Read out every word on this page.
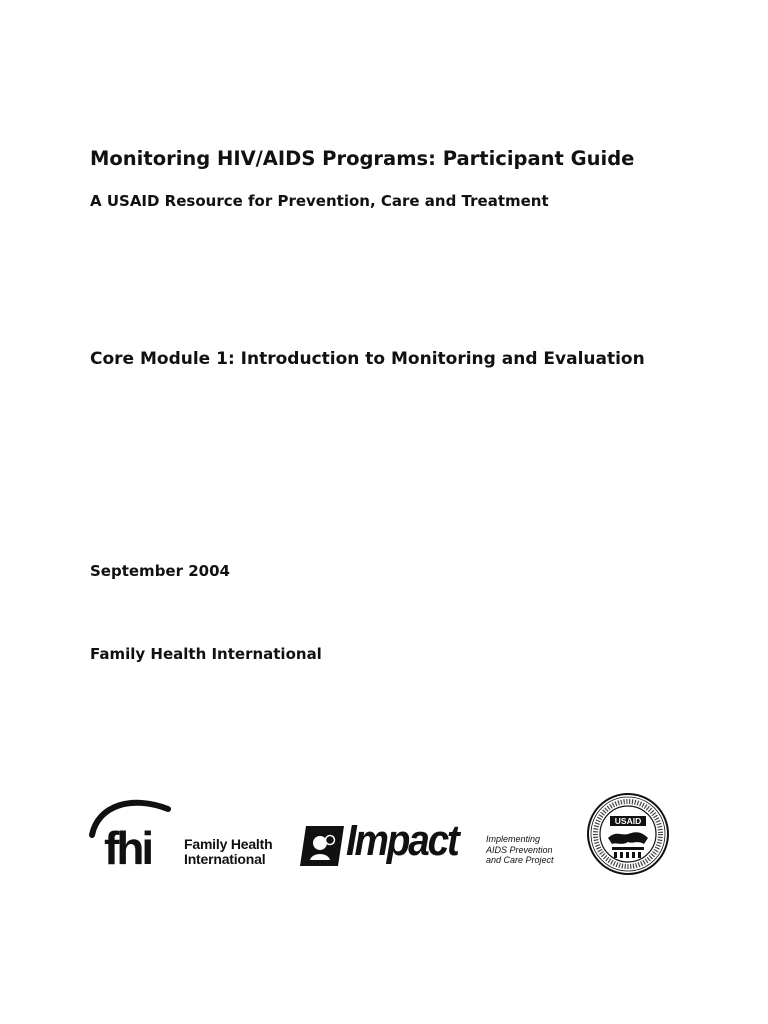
Monitoring HIV/AIDS Programs: Participant Guide

A USAID Resource for Prevention, Care and Treatment

Core Module 1: Introduction to Monitoring and Evaluation

September 2004

Family Health International

fhi Family Health
International Impact	Implementing
AIDS Prevention
and Care Project
USAID
